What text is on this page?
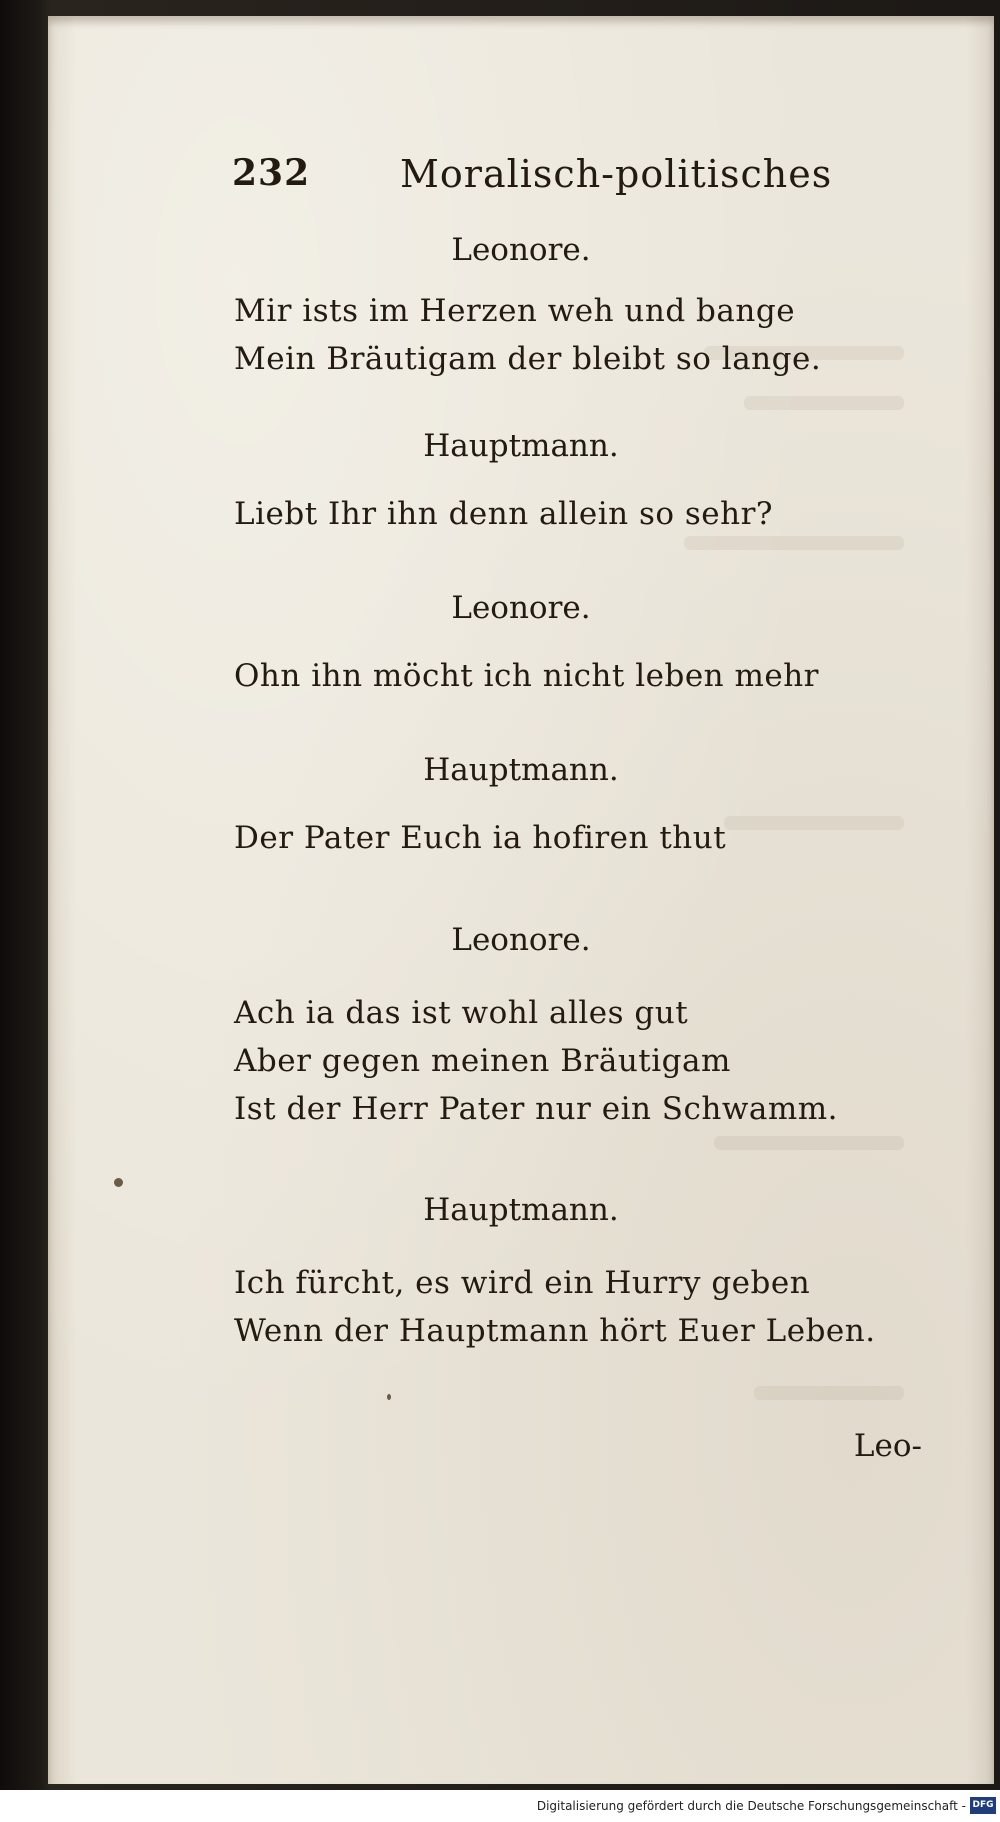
232 Moralisch-politisches
Leonore.
Mir ists im Herzen weh und bange
Mein Bräutigam der bleibt so lange.
Hauptmann.
Liebt Ihr ihn denn allein so sehr?
Leonore.
Ohn ihn möcht ich nicht leben mehr
Hauptmann.
Der Pater Euch ia hofiren thut
Leonore.
Ach ia das ist wohl alles gut
Aber gegen meinen Bräutigam
Ist der Herr Pater nur ein Schwamm.
Hauptmann.
Ich fürcht, es wird ein Hurry geben
Wenn der Hauptmann hört Euer Leben.
Leo-
Digitalisierung gefördert durch die Deutsche Forschungsgemeinschaft - DFG
